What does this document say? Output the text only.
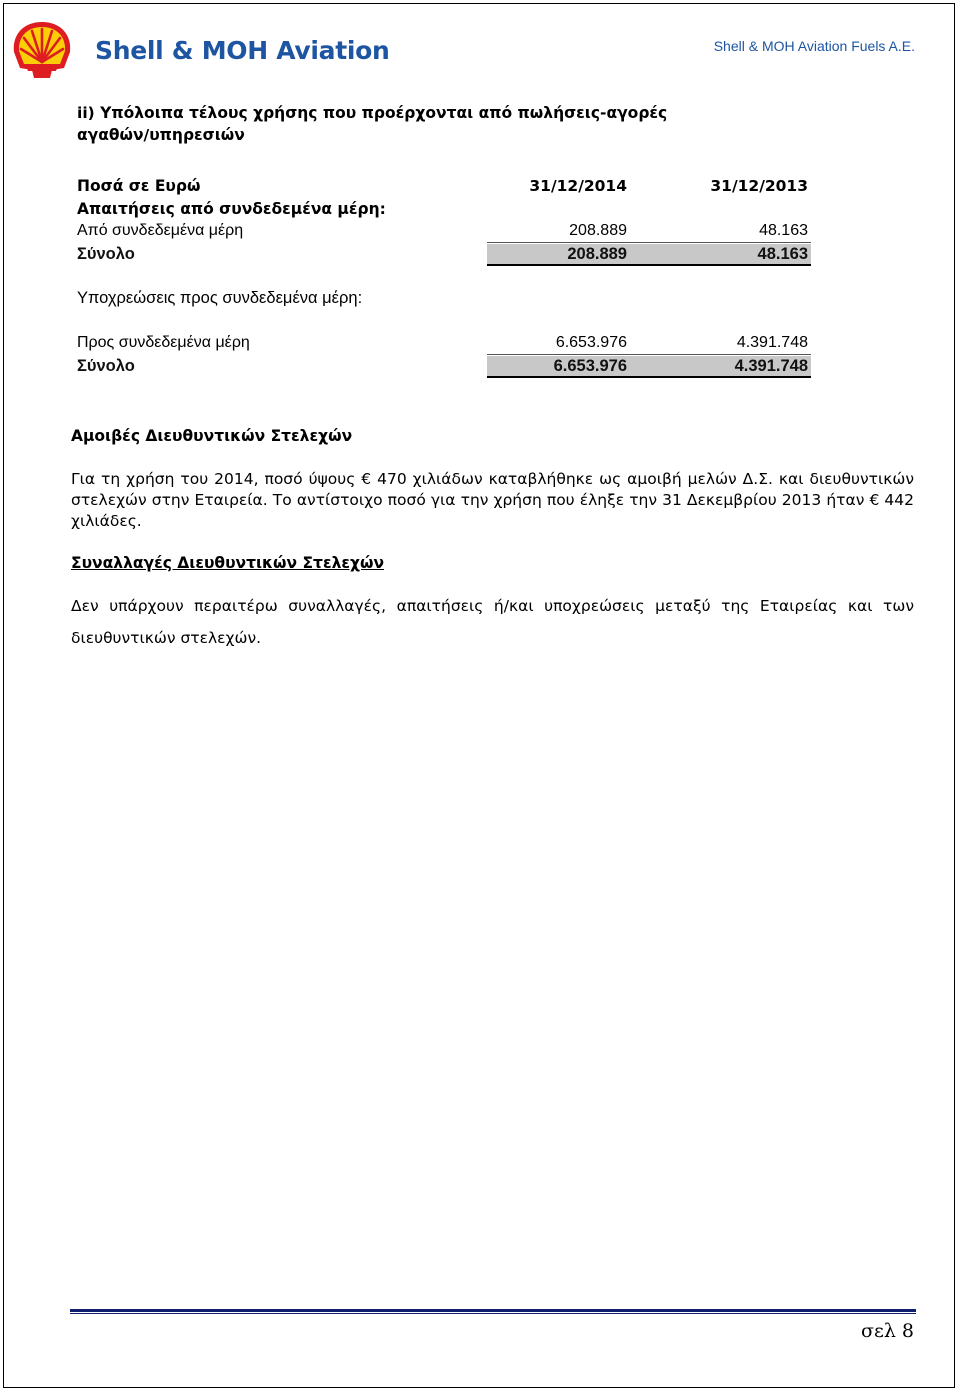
Shell & MOH Aviation	Shell & MOH Aviation Fuels A.E.
ii) Υπόλοιπα τέλους χρήσης που προέρχονται από πωλήσεις-αγορές αγαθών/υπηρεσιών
Ποσά σε Ευρώ	31/12/2014	31/12/2013
Απαιτήσεις από συνδεδεμένα μέρη:
Από συνδεδεμένα μέρη	208.889	48.163
Σύνολο	208.889	48.163
Υποχρεώσεις προς συνδεδεμένα μέρη:
Προς συνδεδεμένα μέρη	6.653.976	4.391.748
Σύνολο	6.653.976	4.391.748
Αμοιβές Διευθυντικών Στελεχών

Για τη χρήση του 2014, ποσό ύψους € 470 χιλιάδων καταβλήθηκε ως αμοιβή μελών Δ.Σ. και διευθυντικών στελεχών στην Εταιρεία. Το αντίστοιχο ποσό για την χρήση που έληξε την 31 Δεκεμβρίου 2013 ήταν € 442 χιλιάδες.

Συναλλαγές Διευθυντικών Στελεχών

Δεν υπάρχουν περαιτέρω συναλλαγές, απαιτήσεις ή/και υποχρεώσεις μεταξύ της Εταιρείας και των διευθυντικών στελεχών.

σελ 8
